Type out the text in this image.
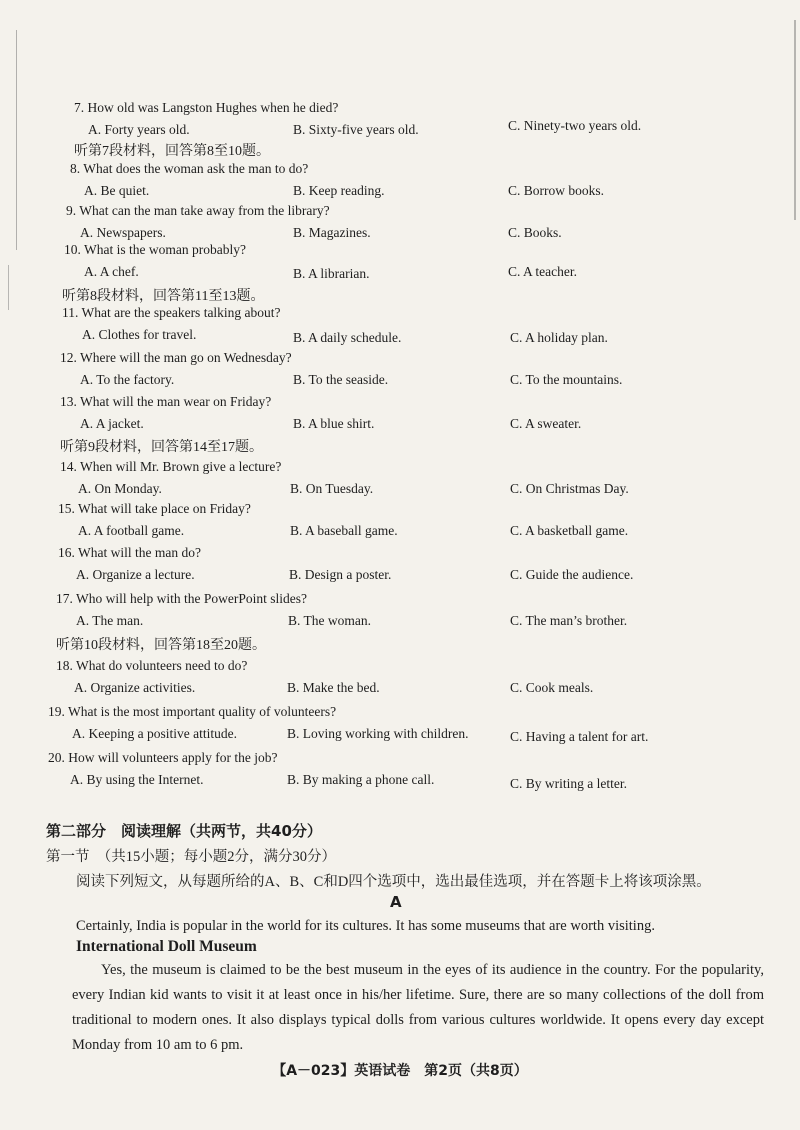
7. How old was Langston Hughes when he died?
A. Forty years old.	B. Sixty-five years old.	C. Ninety-two years old.
听第7段材料，回答第8至10题。
8. What does the woman ask the man to do?
A. Be quiet.	B. Keep reading.	C. Borrow books.
9. What can the man take away from the library?
A. Newspapers.	B. Magazines.	C. Books.
10. What is the woman probably?
A. A chef.	B. A librarian.	C. A teacher.
听第8段材料，回答第11至13题。
11. What are the speakers talking about?
A. Clothes for travel.	B. A daily schedule.	C. A holiday plan.
12. Where will the man go on Wednesday?
A. To the factory.	B. To the seaside.	C. To the mountains.
13. What will the man wear on Friday?
A. A jacket.	B. A blue shirt.	C. A sweater.
听第9段材料，回答第14至17题。
14. When will Mr. Brown give a lecture?
A. On Monday.	B. On Tuesday.	C. On Christmas Day.
15. What will take place on Friday?
A. A football game.	B. A baseball game.	C. A basketball game.
16. What will the man do?
A. Organize a lecture.	B. Design a poster.	C. Guide the audience.
17. Who will help with the PowerPoint slides?
A. The man.	B. The woman.	C. The man’s brother.
听第10段材料，回答第18至20题。
18. What do volunteers need to do?
A. Organize activities.	B. Make the bed.	C. Cook meals.
19. What is the most important quality of volunteers?
A. Keeping a positive attitude.	B. Loving working with children.	C. Having a talent for art.
20. How will volunteers apply for the job?
A. By using the Internet.	B. By making a phone call.	C. By writing a letter.
第二部分　阅读理解（共两节，共40分）
第一节　（共15小题；每小题2分，满分30分）
阅读下列短文，从每题所给的A、B、C和D四个选项中，选出最佳选项，并在答题卡上将该项涂黑。
A
Certainly, India is popular in the world for its cultures. It has some museums that are worth visiting.
International Doll Museum
Yes, the museum is claimed to be the best museum in the eyes of its audience in the country. For the popularity, every Indian kid wants to visit it at least once in his/her lifetime. Sure, there are so many collections of the doll from traditional to modern ones. It also displays typical dolls from various cultures worldwide. It opens every day except Monday from 10 am to 6 pm.
【A－023】英语试卷　第2页（共8页）
